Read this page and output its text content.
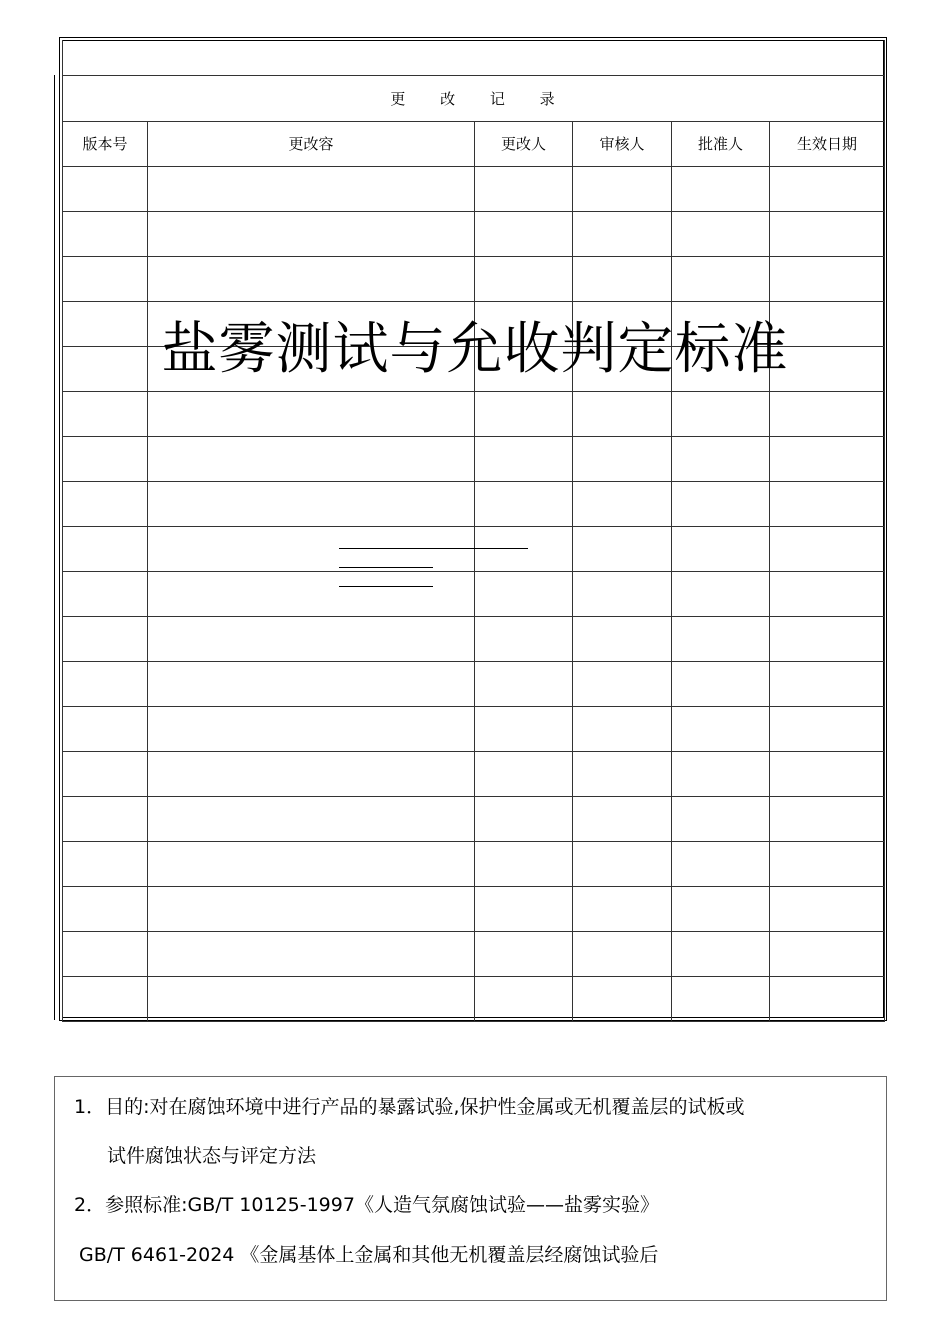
更 改 记 录					
版本号	更改容	更改人	审核人	批准人	生效日期

盐雾测试与允收判定标准
1．目的:对在腐蚀环境中进行产品的暴露试验,保护性金属或无机覆盖层的试板或
试件腐蚀状态与评定方法
2．参照标准:GB/T 10125-1997《人造气氛腐蚀试验——盐雾实验》
GB/T 6461-2024 《金属基体上金属和其他无机覆盖层经腐蚀试验后
